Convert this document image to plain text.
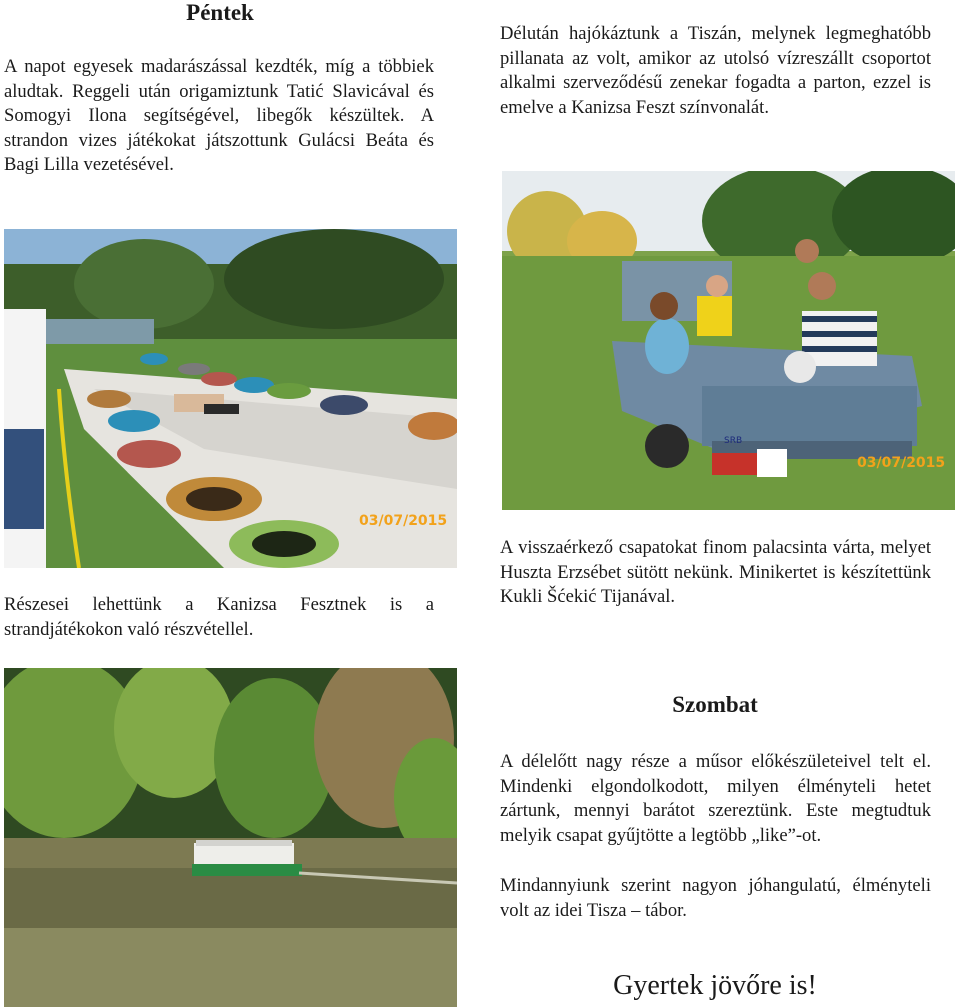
Péntek
A napot egyesek madarászással kezdték, míg a többiek aludtak. Reggeli után origamiztunk Tatić Slavicával és Somogyi Ilona segítségével, libegők készültek. A strandon vizes játékokat játszottunk Gulácsi Beáta és Bagi Lilla vezetésével.
03/07/2015
Részesei lehettünk a Kanizsa Fesztnek is a strandjátékokon való részvétellel.
Délután hajókáztunk a Tiszán, melynek legmeghatóbb pillanata az volt, amikor az utolsó vízreszállt csoportot alkalmi szerveződésű zenekar fogadta a parton, ezzel is emelve a Kanizsa Feszt színvonalát.
SRB
03/07/2015
A visszaérkező csapatokat finom palacsinta várta, melyet Huszta Erzsébet sütött nekünk. Minikertet is készítettünk Kukli Šćekić Tijanával.
Szombat
A délelőtt nagy része a műsor előkészületeivel telt el. Mindenki elgondolkodott, milyen élményteli hetet zártunk, mennyi barátot szereztünk. Este megtudtuk melyik csapat gyűjtötte a legtöbb „like”-ot.
Mindannyiunk szerint nagyon jóhangulatú, élményteli volt az idei Tisza – tábor.
Gyertek jövőre is!
